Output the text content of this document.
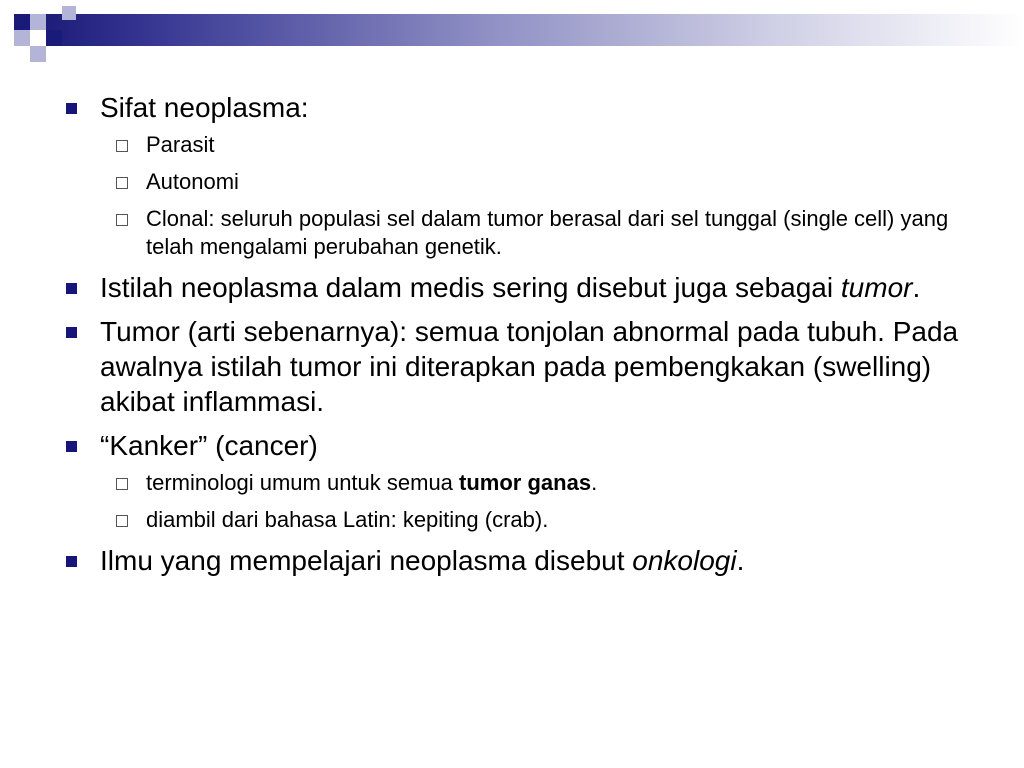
Sifat neoplasma:
Parasit
Autonomi
Clonal: seluruh populasi sel dalam tumor berasal dari sel tunggal (single cell) yang telah mengalami perubahan genetik.
Istilah neoplasma dalam medis sering disebut juga sebagai tumor.
Tumor (arti sebenarnya): semua tonjolan abnormal pada tubuh. Pada awalnya istilah tumor ini diterapkan pada pembengkakan (swelling) akibat inflammasi.
“Kanker” (cancer)
terminologi umum untuk semua tumor ganas.
diambil dari bahasa Latin: kepiting (crab).
Ilmu yang mempelajari neoplasma disebut onkologi.
